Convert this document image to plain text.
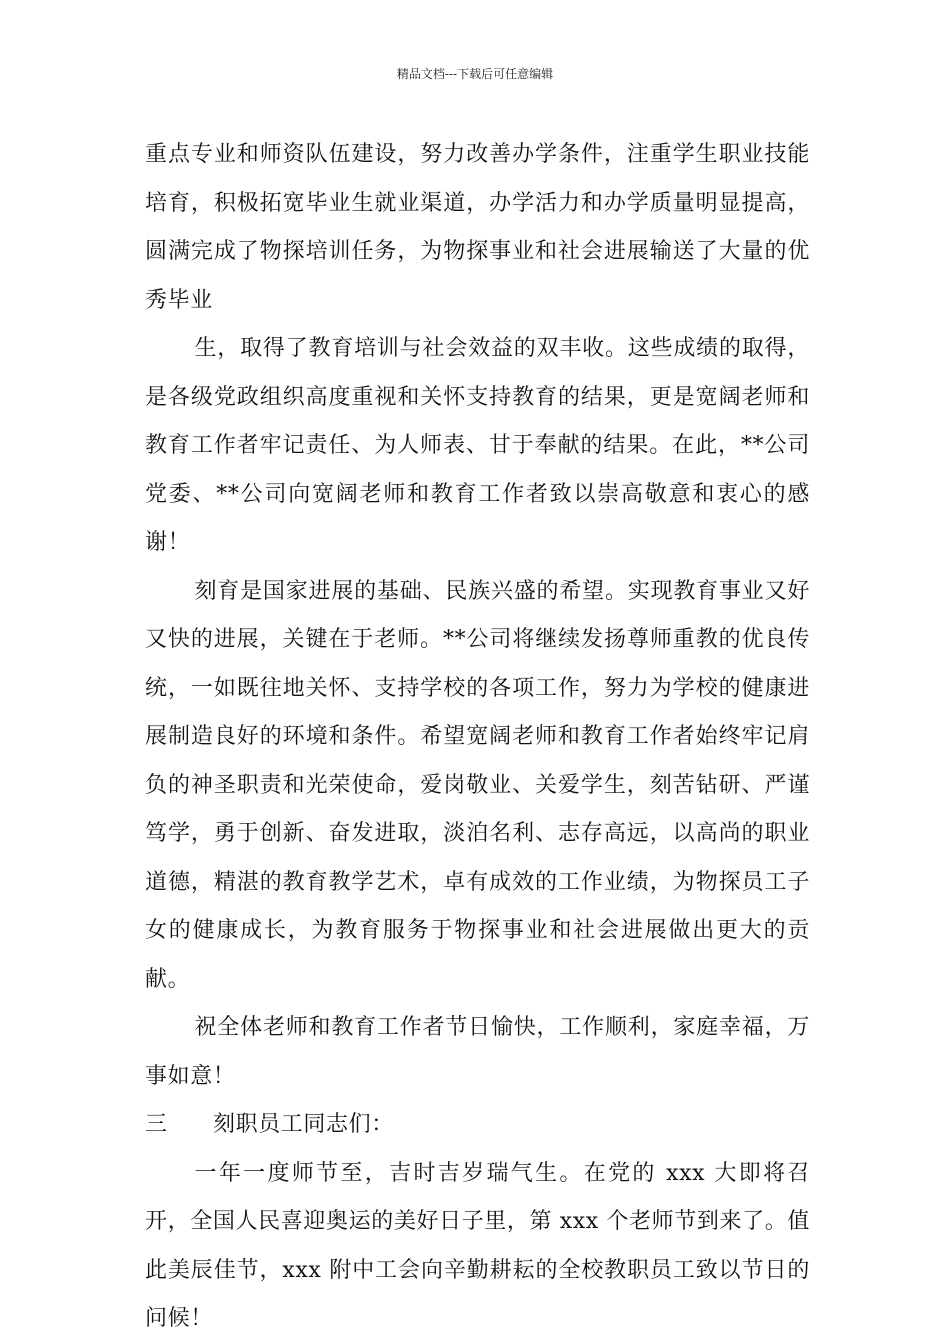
精品文档---下载后可任意编辑

重点专业和师资队伍建设，努力改善办学条件，注重学生职业技能培育，积极拓宽毕业生就业渠道，办学活力和办学质量明显提高，圆满完成了物探培训任务，为物探事业和社会进展输送了大量的优秀毕业

生，取得了教育培训与社会效益的双丰收。这些成绩的取得，是各级党政组织高度重视和关怀支持教育的结果，更是宽阔老师和教育工作者牢记责任、为人师表、甘于奉献的结果。在此，**公司党委、**公司向宽阔老师和教育工作者致以崇高敬意和衷心的感谢！

刻育是国家进展的基础、民族兴盛的希望。实现教育事业又好又快的进展，关键在于老师。**公司将继续发扬尊师重教的优良传统，一如既往地关怀、支持学校的各项工作，努力为学校的健康进展制造良好的环境和条件。希望宽阔老师和教育工作者始终牢记肩负的神圣职责和光荣使命，爱岗敬业、关爱学生，刻苦钻研、严谨笃学，勇于创新、奋发进取，淡泊名利、志存高远，以高尚的职业道德，精湛的教育教学艺术，卓有成效的工作业绩，为物探员工子女的健康成长，为教育服务于物探事业和社会进展做出更大的贡献。

祝全体老师和教育工作者节日愉快，工作顺利，家庭幸福，万事如意！

三 刻职员工同志们：

一年一度师节至，吉时吉岁瑞气生。在党的 xxx 大即将召开，全国人民喜迎奥运的美好日子里，第 xxx 个老师节到来了。值此美辰佳节，xxx 附中工会向辛勤耕耘的全校教职员工致以节日的问候！
